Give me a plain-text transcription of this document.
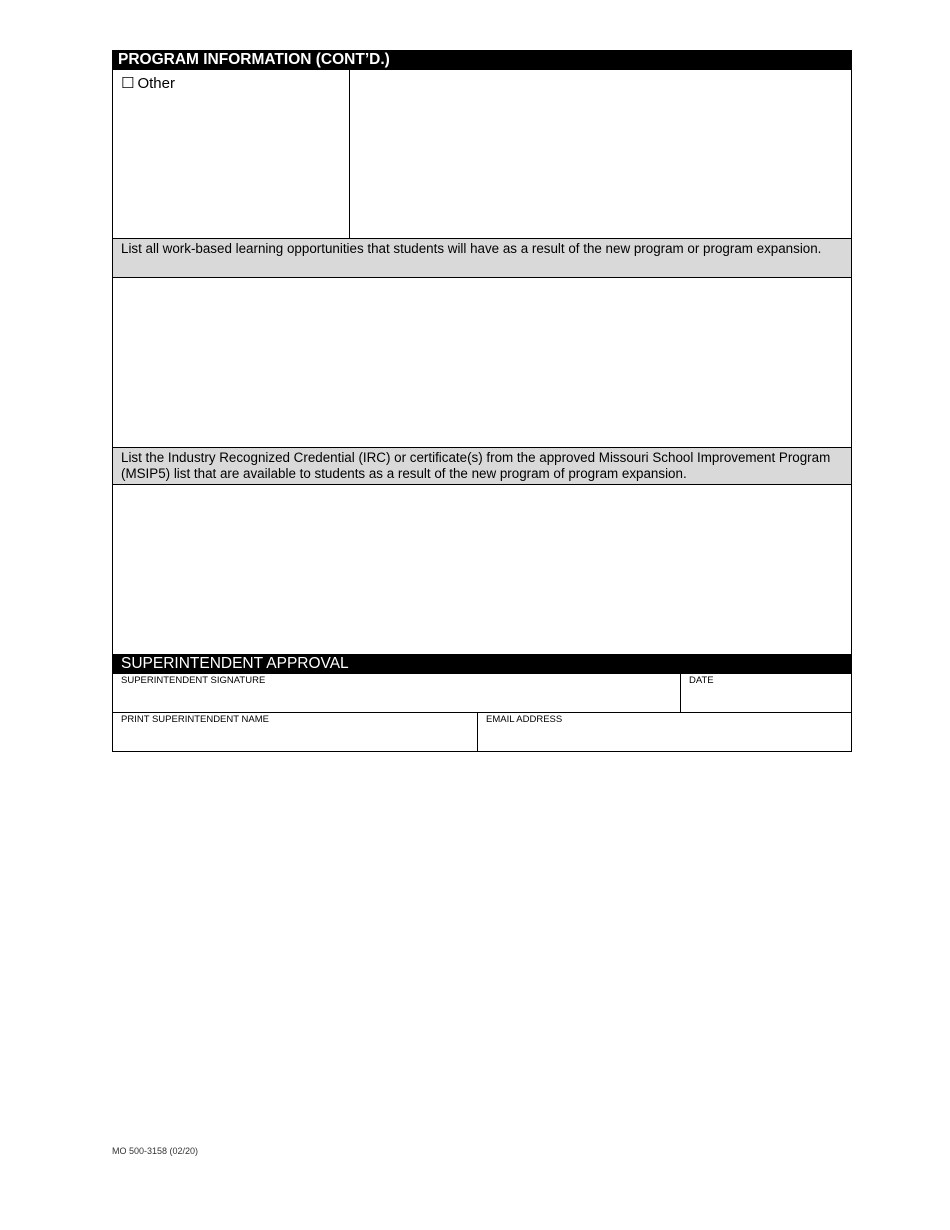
PROGRAM INFORMATION (CONT’D.)
☐ Other
List all work-based learning opportunities that students will have as a result of the new program or program expansion.
List the Industry Recognized Credential (IRC) or certificate(s) from the approved Missouri School Improvement Program (MSIP5) list that are available to students as a result of the new program of program expansion.
SUPERINTENDENT APPROVAL
SUPERINTENDENT SIGNATURE	DATE
PRINT SUPERINTENDENT NAME	EMAIL ADDRESS
MO 500-3158 (02/20)
